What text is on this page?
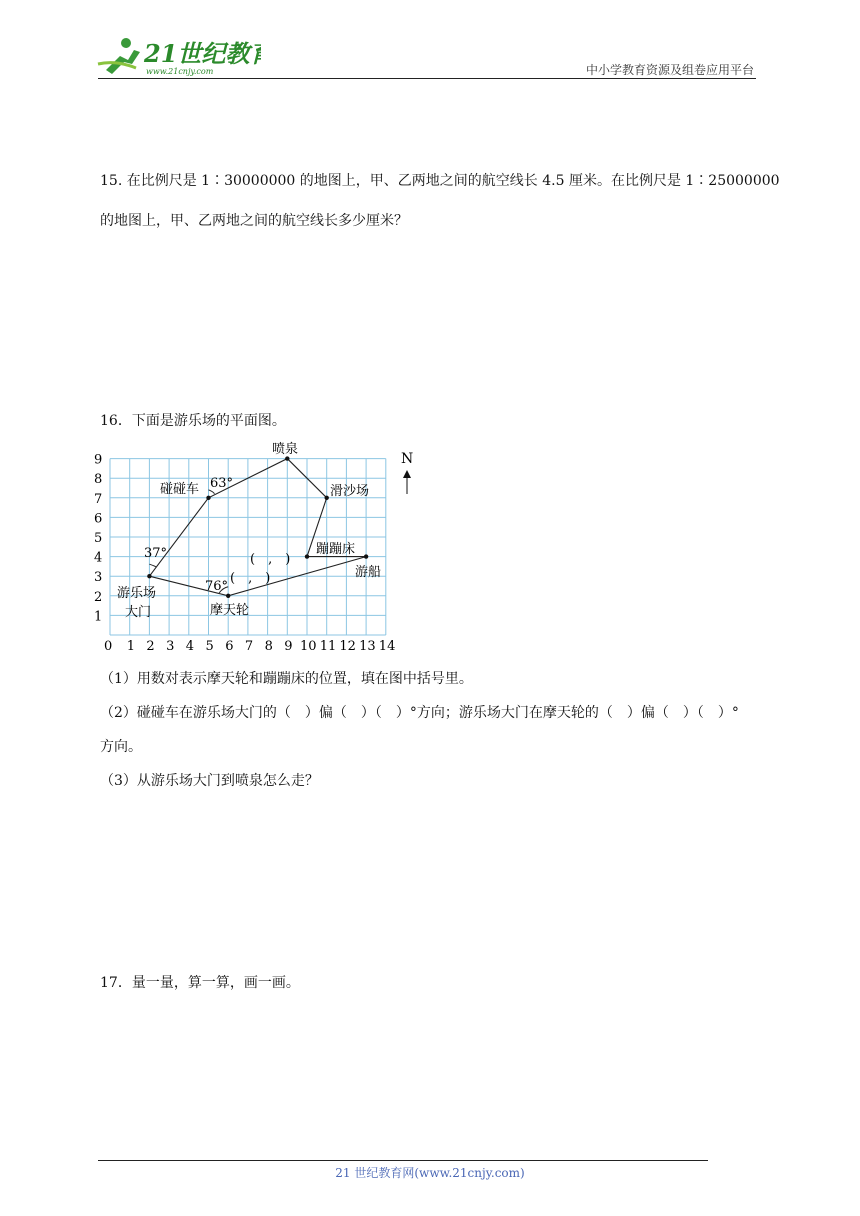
21世纪教育
www.21cnjy.com	中小学教育资源及组卷应用平台
15. 在比例尺是 1∶30000000 的地图上，甲、乙两地之间的航空线长 4.5 厘米。在比例尺是 1∶25000000
的地图上，甲、乙两地之间的航空线长多少厘米？
16．下面是游乐场的平面图。
0 1 2 3 4 5 6 7 8 9 10 11 12 13 14
1
2
3
4
5
6
7
8
9
游乐场
大门
碰碰车
喷泉
滑沙场
蹦蹦床
游船
摩天轮
37°
63°
76°
(　,　)
(　,　)
N
（1）用数对表示摩天轮和蹦蹦床的位置，填在图中括号里。
（2）碰碰车在游乐场大门的（　）偏（　）（　）°方向；游乐场大门在摩天轮的（　）偏（　）（　）°
方向。
（3）从游乐场大门到喷泉怎么走？
17．量一量，算一算，画一画。
21 世纪教育网(www.21cnjy.com)
